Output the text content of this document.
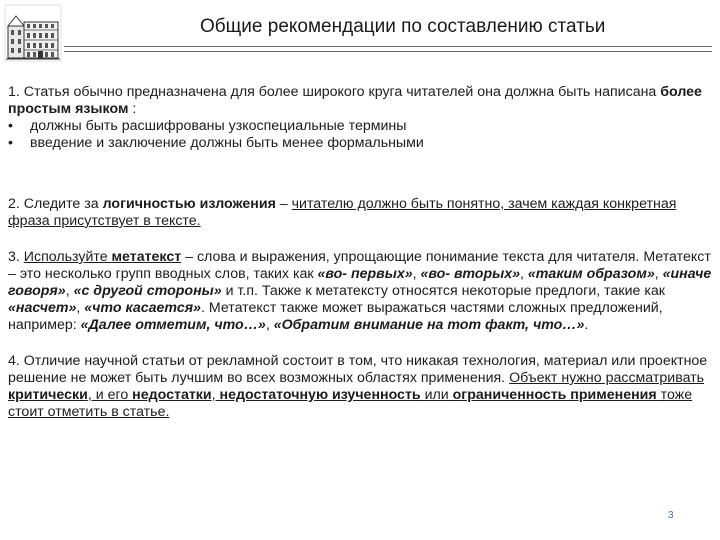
Общие рекомендации по составлению статьи

1. Статья обычно предназначена для более широкого круга читателей она должна быть написана более простым языком :

•	должны быть расшифрованы узкоспециальные термины
•	введение и заключение должны быть менее формальными

2. Следите за логичностью изложения – читателю должно быть понятно, зачем каждая конкретная фраза присутствует в тексте.

3. Используйте метатекст – слова и выражения, упрощающие понимание текста для читателя. Метатекст – это несколько групп вводных слов, таких как «во- первых», «во- вторых», «таким образом», «иначе говоря», «с другой стороны» и т.п. Также к метатексту относятся некоторые предлоги, такие как «насчет», «что касается». Метатекст также может выражаться частями сложных предложений, например: «Далее отметим, что…», «Обратим внимание на тот факт, что…».

4. Отличие научной статьи от рекламной состоит в том, что никакая технология, материал или проектное решение не может быть лучшим во всех возможных областях применения. Объект нужно рассматривать критически, и его недостатки, недостаточную изученность или ограниченность применения тоже стоит отметить в статье.

3
